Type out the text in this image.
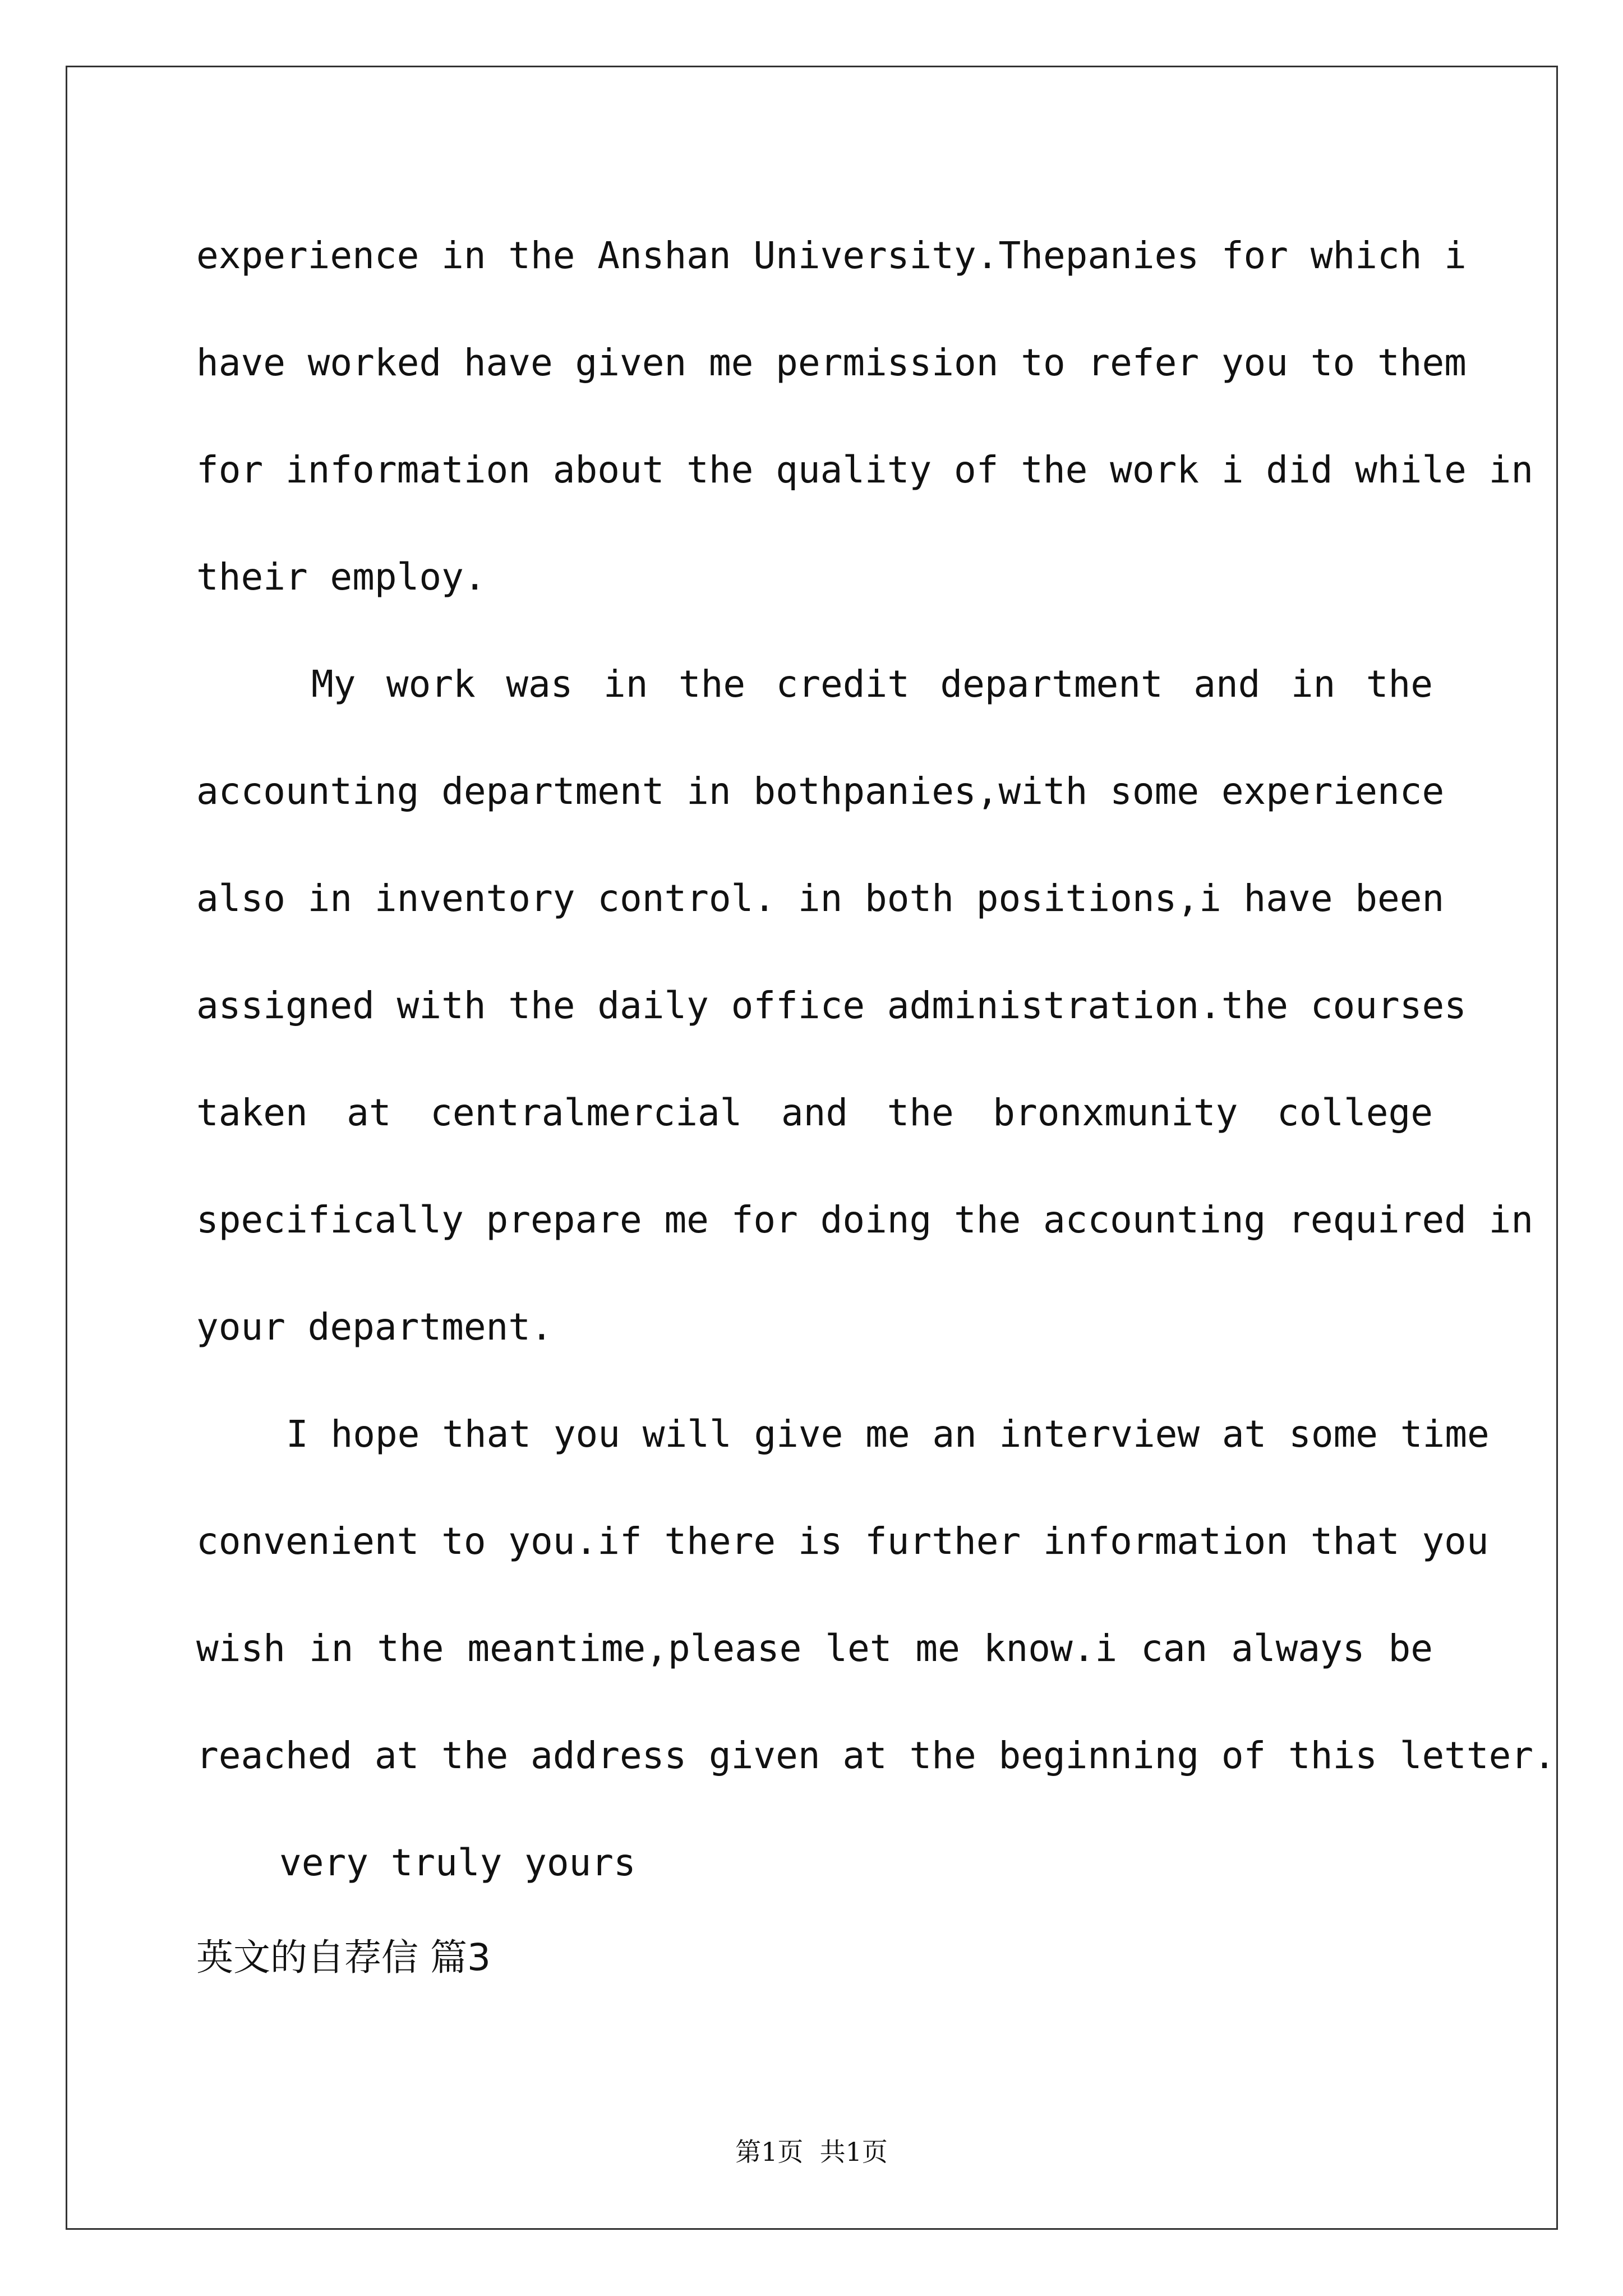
experience in the Anshan University.Thepanies for which i
have worked have given me permission to refer you to them
for information about the quality of the work i did while in
their employ.
My work was in the credit department and in the
accounting department in bothpanies,with some experience
also in inventory control. in both positions,i have been
assigned with the daily office administration.the courses
taken at centralmercial and the bronxmunity college
specifically prepare me for doing the accounting required in
your department.
I hope that you will give me an interview at some time
convenient to you.if there is further information that you
wish in the meantime,please let me know.i can always be
reached at the address given at the beginning of this letter.
very truly yours
英文的自荐信 篇3
第1页  共1页
